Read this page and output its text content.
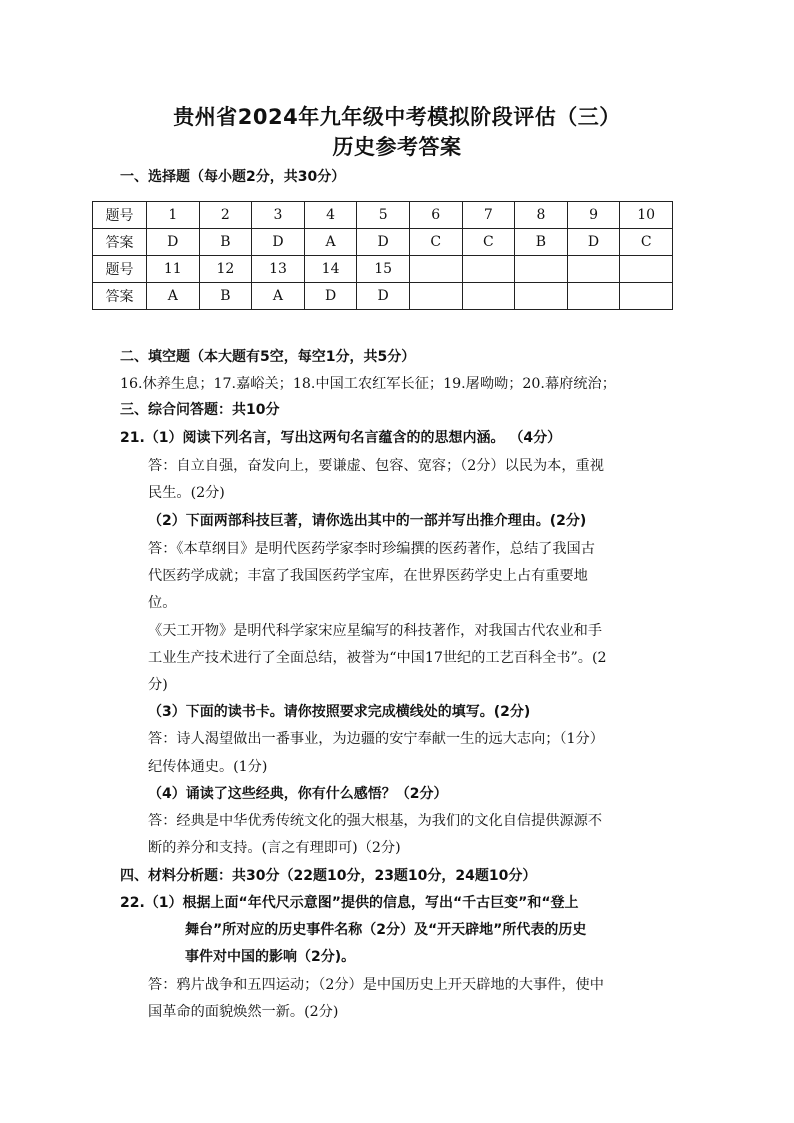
贵州省2024年九年级中考模拟阶段评估（三）
历史参考答案
一、选择题（每小题2分，共30分）
题号	1	2	3	4	5	6	7	8	9	10
答案	D	B	D	A	D	C	C	B	D	C
题号	11	12	13	14	15					
答案	A	B	A	D	D					
二、填空题（本大题有5空，每空1分，共5分）
16.休养生息；17.嘉峪关；18.中国工农红军长征；19.屠呦呦；20.幕府统治；
三、综合问答题：共10分
21.（1）阅读下列名言，写出这两句名言蕴含的的思想内涵。 （4分）
答：自立自强，奋发向上，要谦虚、包容、宽容；（2分）以民为本，重视
民生。(2分)
（2）下面两部科技巨著，请你选出其中的一部并写出推介理由。(2分)
答：《本草纲目》是明代医药学家李时珍编撰的医药著作，总结了我国古
代医药学成就；丰富了我国医药学宝库，在世界医药学史上占有重要地
位。
《天工开物》是明代科学家宋应星编写的科技著作，对我国古代农业和手
工业生产技术进行了全面总结，被誉为“中国17世纪的工艺百科全书”。(2
分)
（3）下面的读书卡。请你按照要求完成横线处的填写。(2分)
答：诗人渴望做出一番事业，为边疆的安宁奉献一生的远大志向；（1分）
纪传体通史。(1分)
（4）诵读了这些经典，你有什么感悟？（2分）
答：经典是中华优秀传统文化的强大根基，为我们的文化自信提供源源不
断的养分和支持。(言之有理即可)（2分)
四、材料分析题：共30分（22题10分，23题10分，24题10分）
22.（1）根据上面“年代尺示意图”提供的信息，写出“千古巨变”和“登上
舞台”所对应的历史事件名称（2分）及“开天辟地”所代表的历史
事件对中国的影响（2分)。
答：鸦片战争和五四运动；（2分）是中国历史上开天辟地的大事件，使中
国革命的面貌焕然一新。(2分)
